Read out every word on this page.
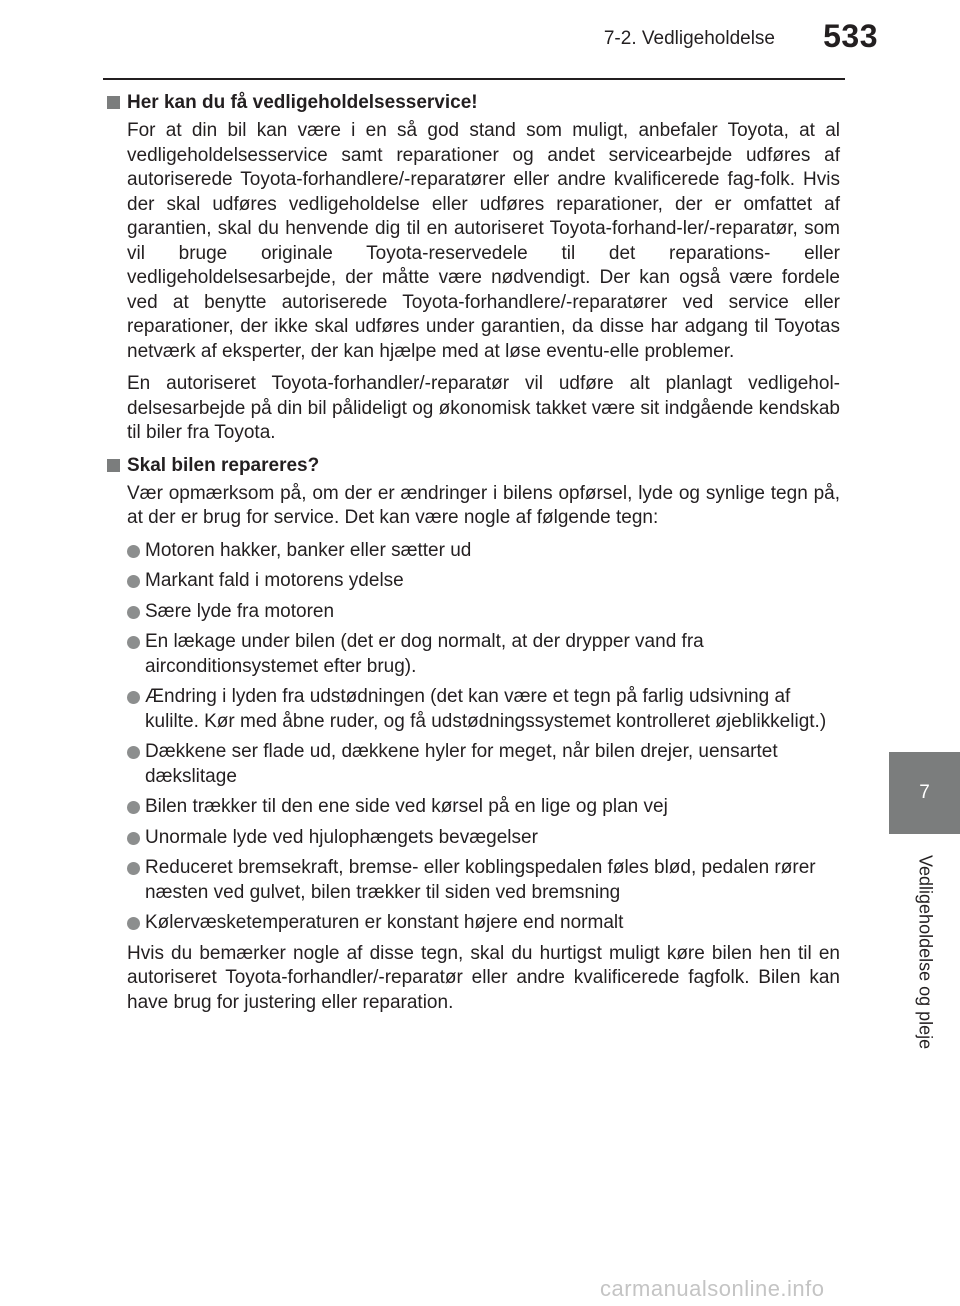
7-2. Vedligeholdelse 533
7
Vedligeholdelse og pleje
Her kan du få vedligeholdelsesservice!

For at din bil kan være i en så god stand som muligt, anbefaler Toyota, at al vedligeholdelsesservice samt reparationer og andet servicearbejde udføres af autoriserede Toyota-forhandlere/-reparatører eller andre kvalificerede fag-folk. Hvis der skal udføres vedligeholdelse eller udføres reparationer, der er omfattet af garantien, skal du henvende dig til en autoriseret Toyota-forhand-ler/-reparatør, som vil bruge originale Toyota-reservedele til det reparations- eller vedligeholdelsesarbejde, der måtte være nødvendigt. Der kan også være fordele ved at benytte autoriserede Toyota-forhandlere/-reparatører ved service eller reparationer, der ikke skal udføres under garantien, da disse har adgang til Toyotas netværk af eksperter, der kan hjælpe med at løse eventu-elle problemer.

En autoriseret Toyota-forhandler/-reparatør vil udføre alt planlagt vedligehol-delsesarbejde på din bil pålideligt og økonomisk takket være sit indgående kendskab til biler fra Toyota.

Skal bilen repareres?

Vær opmærksom på, om der er ændringer i bilens opførsel, lyde og synlige tegn på, at der er brug for service. Det kan være nogle af følgende tegn:

Motoren hakker, banker eller sætter ud
Markant fald i motorens ydelse
Sære lyde fra motoren
En lækage under bilen (det er dog normalt, at der drypper vand fra airconditionsystemet efter brug).
Ændring i lyden fra udstødningen (det kan være et tegn på farlig udsivning af kulilte. Kør med åbne ruder, og få udstødningssystemet kontrolleret øjeblikkeligt.)
Dækkene ser flade ud, dækkene hyler for meget, når bilen drejer, uensartet dækslitage
Bilen trækker til den ene side ved kørsel på en lige og plan vej
Unormale lyde ved hjulophængets bevægelser
Reduceret bremsekraft, bremse- eller koblingspedalen føles blød, pedalen rører næsten ved gulvet, bilen trækker til siden ved bremsning
Kølervæsketemperaturen er konstant højere end normalt

Hvis du bemærker nogle af disse tegn, skal du hurtigst muligt køre bilen hen til en autoriseret Toyota-forhandler/-reparatør eller andre kvalificerede fagfolk. Bilen kan have brug for justering eller reparation.

carmanualsonline.info
